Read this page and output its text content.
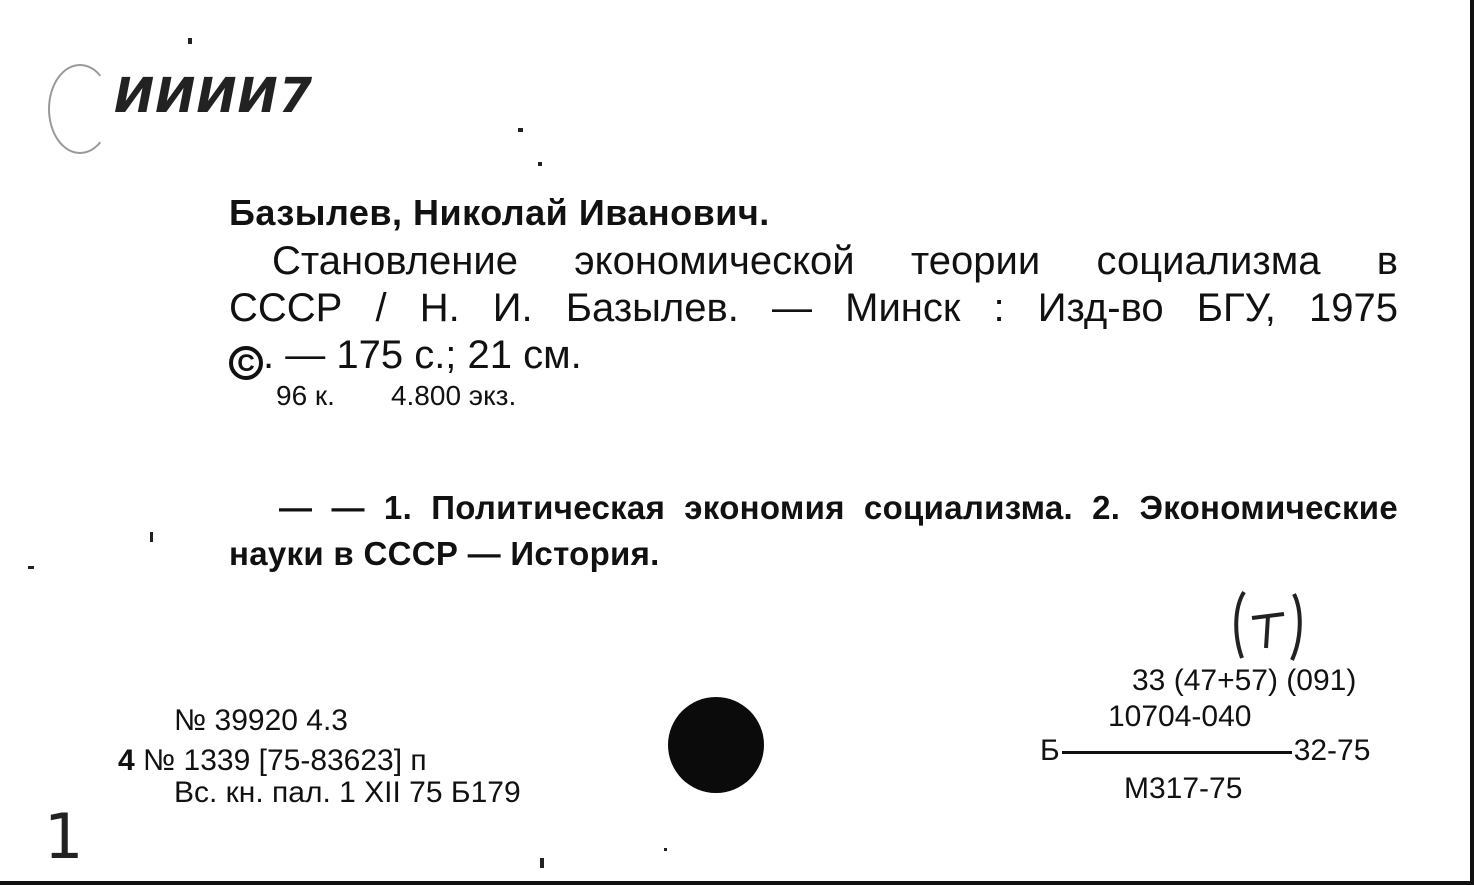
ИИИИ7
Базылев, Николай Иванович.
Становление экономической теории социализма в
СССР / Н. И. Базылев. — Минск : Изд-во БГУ, 1975
C . — 175 с.; 21 см.
96 к. 4.800 экз.
— — 1. Политическая экономия социализма. 2. Экономические
науки в СССР — История.
№ 39920 4.3
4 № 1339 [75-83623] п
Вс. кн. пал. 1 XII 75 Б179
33 (47+57) (091)
10704-040
Б	32-75
М317-75
1
